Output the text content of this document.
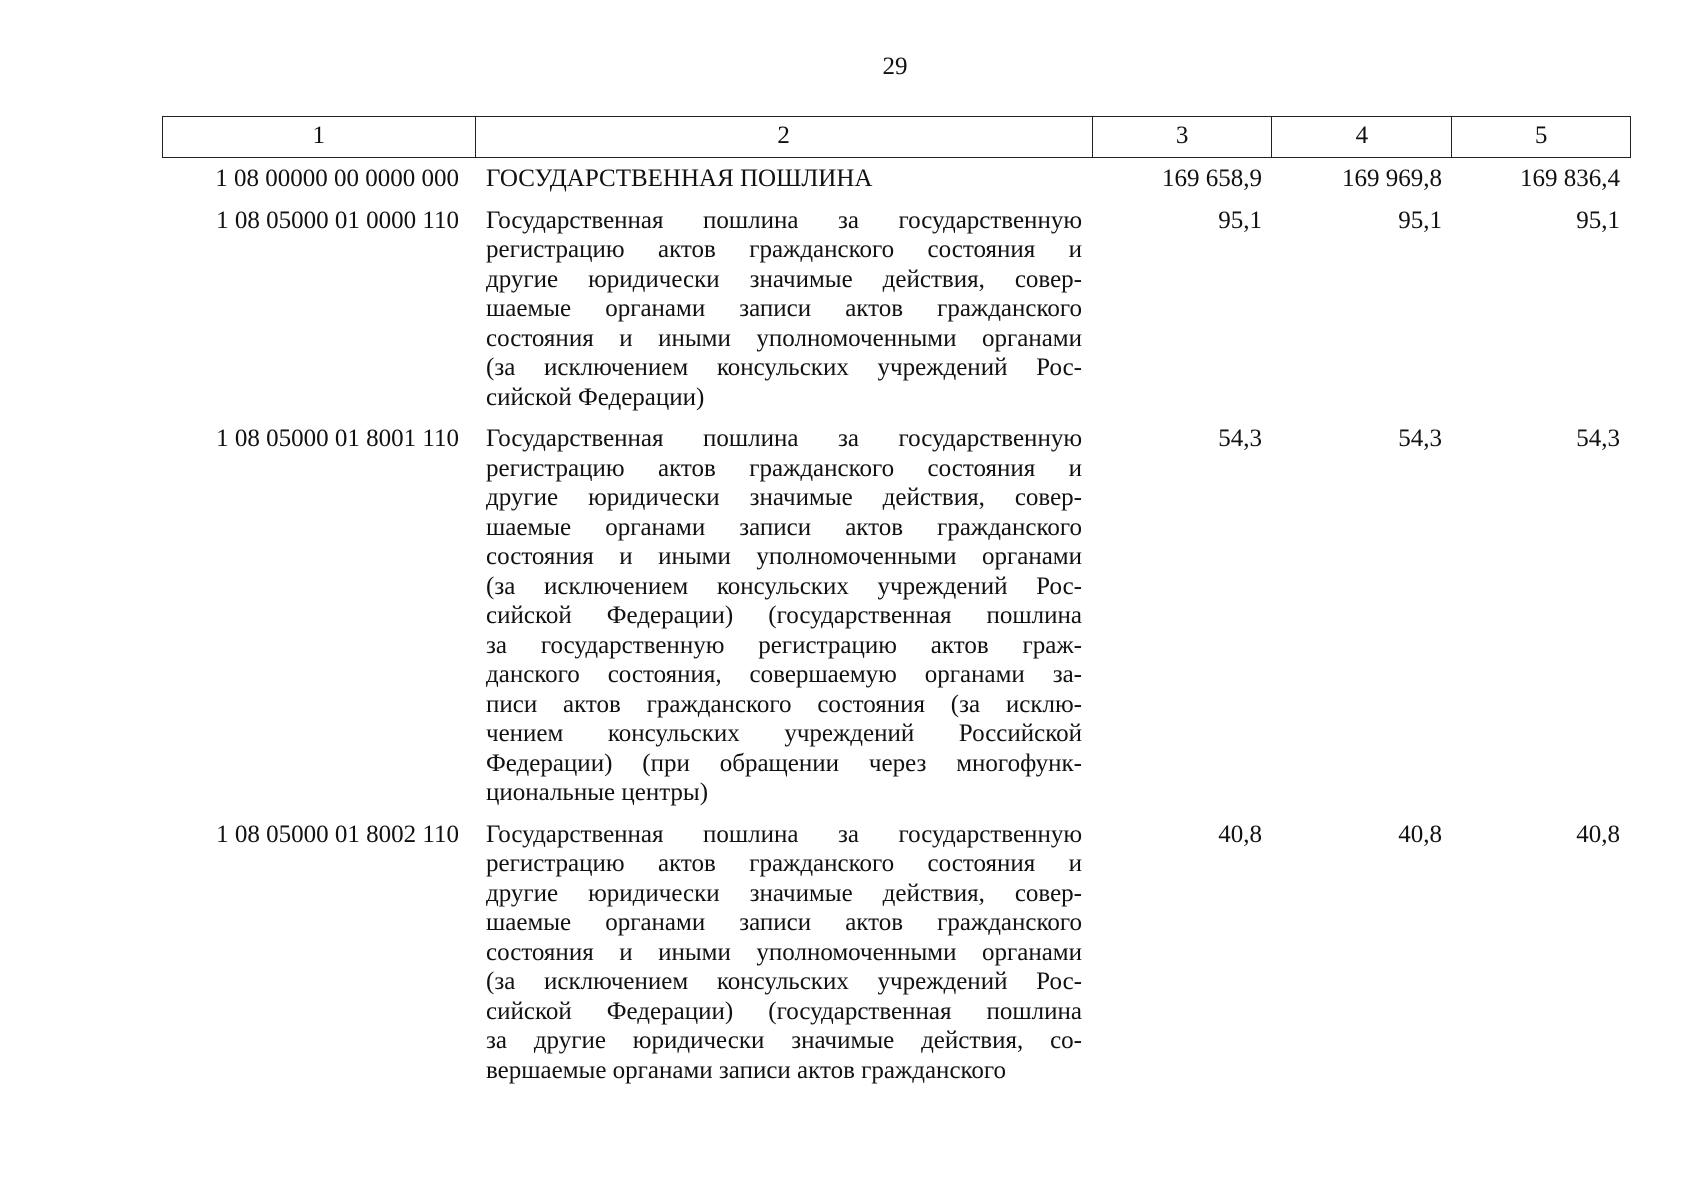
29
1	2	3	4	5
1 08 00000 00 0000 000	ГОСУДАРСТВЕННАЯ ПОШЛИНА	169 658,9	169 969,8	169 836,4
1 08 05000 01 0000 110	Государственная пошлина за государственную
регистрацию актов гражданского состояния и
другие юридически значимые действия, совер-
шаемые органами записи актов гражданского
состояния и иными уполномоченными органами
(за исключением консульских учреждений Рос-
сийской Федерации)
95,1	95,1	95,1
1 08 05000 01 8001 110	Государственная пошлина за государственную
регистрацию актов гражданского состояния и
другие юридически значимые действия, совер-
шаемые органами записи актов гражданского
состояния и иными уполномоченными органами
(за исключением консульских учреждений Рос-
сийской Федерации) (государственная пошлина
за государственную регистрацию актов граж-
данского состояния, совершаемую органами за-
писи актов гражданского состояния (за исклю-
чением консульских учреждений Российской
Федерации) (при обращении через многофунк-
циональные центры)
54,3	54,3	54,3
1 08 05000 01 8002 110	Государственная пошлина за государственную
регистрацию актов гражданского состояния и
другие юридически значимые действия, совер-
шаемые органами записи актов гражданского
состояния и иными уполномоченными органами
(за исключением консульских учреждений Рос-
сийской Федерации) (государственная пошлина
за другие юридически значимые действия, со-
вершаемые органами записи актов гражданского
40,8	40,8	40,8
